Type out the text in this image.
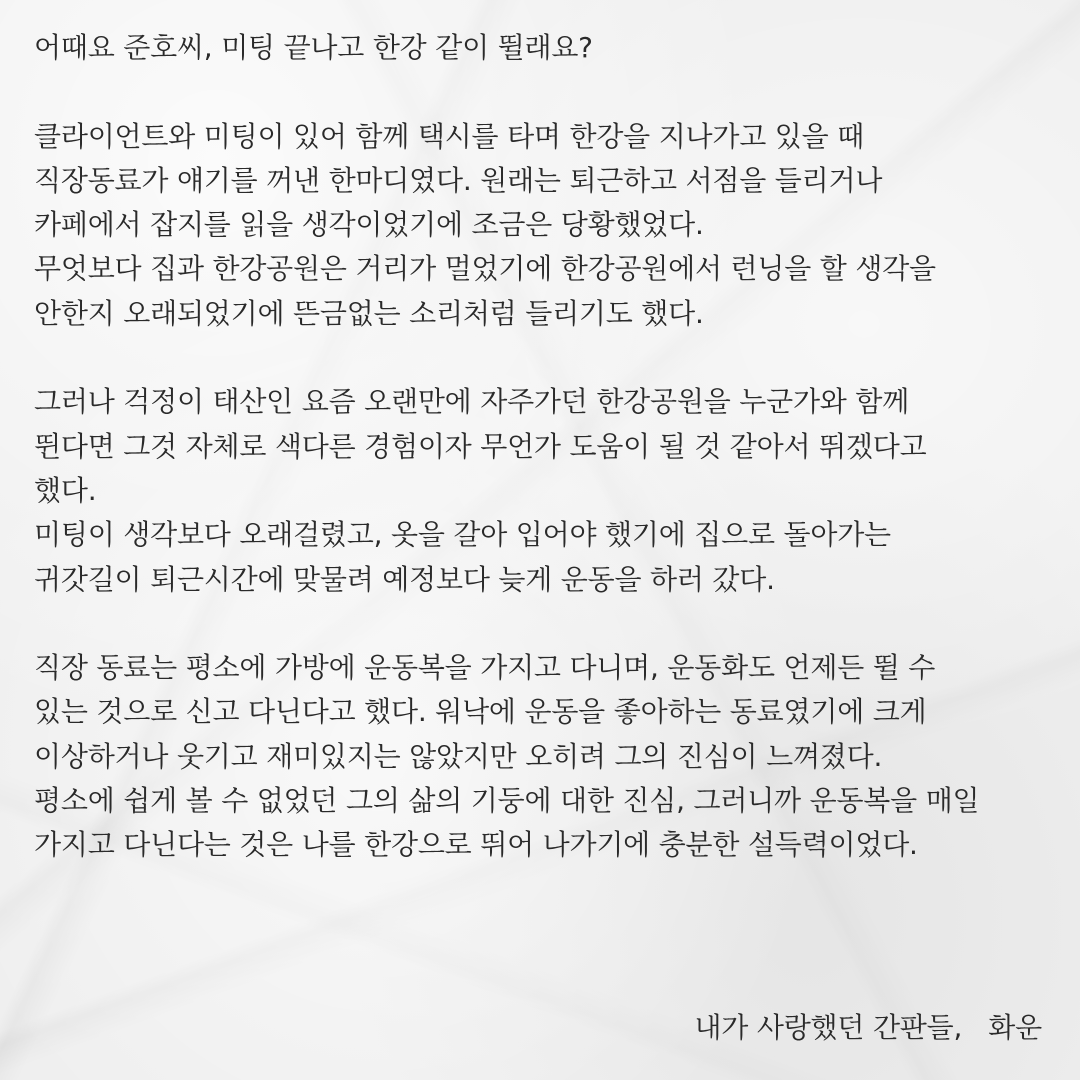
어때요 준호씨, 미팅 끝나고 한강 같이 뛸래요?
클라이언트와 미팅이 있어 함께 택시를 타며 한강을 지나가고 있을 때
직장동료가 얘기를 꺼낸 한마디였다. 원래는 퇴근하고 서점을 들리거나
카페에서 잡지를 읽을 생각이었기에 조금은 당황했었다.
무엇보다 집과 한강공원은 거리가 멀었기에 한강공원에서 런닝을 할 생각을
안한지 오래되었기에 뜬금없는 소리처럼 들리기도 했다.
그러나 걱정이 태산인 요즘 오랜만에 자주가던 한강공원을 누군가와 함께
뛴다면 그것 자체로 색다른 경험이자 무언가 도움이 될 것 같아서 뛰겠다고
했다.
미팅이 생각보다 오래걸렸고, 옷을 갈아 입어야 했기에 집으로 돌아가는
귀갓길이 퇴근시간에 맞물려 예정보다 늦게 운동을 하러 갔다.
직장 동료는 평소에 가방에 운동복을 가지고 다니며, 운동화도 언제든 뛸 수
있는 것으로 신고 다닌다고 했다. 워낙에 운동을 좋아하는 동료였기에 크게
이상하거나 웃기고 재미있지는 않았지만 오히려 그의 진심이 느껴졌다.
평소에 쉽게 볼 수 없었던 그의 삶의 기둥에 대한 진심, 그러니까 운동복을 매일
가지고 다닌다는 것은 나를 한강으로 뛰어 나가기에 충분한 설득력이었다.
내가 사랑했던 간판들, 화운
